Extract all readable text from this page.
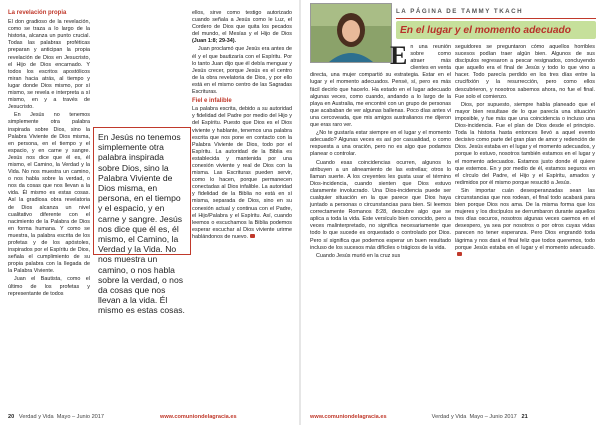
La revelación propia

El don gradioso de la revelación, como se traza a lo largo de la historia, alcanza un punto crucial. Todas las palabras proféticas preparan y anticipan la propia revelación de Dios en Jesucristo, el Hijo de Dios encarnado. Y todos los escritos apostólicos miran hacia atrás, al tiempo y lugar donde Dios mismo, por sí mismo, se revela e interpreta a sí mismo, en y a través de Jesucristo.

En Jesús no tenemos simplemente otra palabra inspirada sobre Dios, sino la Palabra Viviente de Dios misma, en persona, en el tiempo y el espacio, y en carne y sangre. Jesús nos dice que él es, él mismo, el Camino, la Verdad y la Vida. No nos muestra un camino, o nos habla sobre la verdad, o nos da cosas que nos llevan a la vida. Él mismo es estas cosas. Así la gradiosa obra revelatoria de Dios alcanza un nivel cualitativo diferente con el nacimiento de la Palabra de Dios en forma humana. Y como se muestra, la palabra escrita de los profetas y de los apóstoles, inspirados por el Espíritu de Dios, señala el cumplimiento de su propia palabra con la llegada de la Palabra Viviente.

Juan el Bautista, como el último de los profetas y representante de todos

ellos, sirve como testigo autorizado cuando señala a Jesús como le Luz, el Cordero de Dios que quita los pecados del mundo, el Mesías y el Hijo de Dios (Juan 1:8; 29-34).

Juan proclamó que Jesús era antes de él y el que bautizaría con el Espíritu. Por lo tanto Juan dijo que él debía menguar y Jesús crecer, porque Jesús es el centro de la obra revelatoria de Dios, y por ello está en el mismo centro de las Sagradas Escrituras.

Fiel e infalible

La palabra escrita, debido a su autoridad y fidelidad del Padre por medio del Hijo y del Espíritu. Puesto que Dios es el Dios viviente y hablante, tenemos una palabra escrita que nos pone en contacto con la Palabra Viviente de Dios, todo por el Espíritu. La autoridad de la Biblia es establecida y mantenida por una conexión viviente y real de Dios con la misma. Las Escrituras pueden servir, como lo hacen, porque permanecen conectadas al Dios infalible. La autoridad y fidelidad de la Biblia no está en sí misma, separada de Dios, sino en su conexión actual y continua con el Padre, el Hijo/Palabra y el Espíritu. Así, cuando leemos o escuchamos la Biblia podemos esperar escuchar al Dios viviente urirme hablándonos de nuevo.

En Jesús no tenemos simplemente otra palabra inspirada sobre Dios, sino la Palabra Viviente de Dios misma, en persona, en el tiempo y el espacio, y en carne y sangre. Jesús nos dice que él es, él mismo, el Camino, la Verdad y la Vida. No nos muestra un camino, o nos habla sobre la verdad, o nos da cosas que nos llevan a la vida. Él mismo es estas cosas.
20 Verdad y Vida Mayo – Junio 2017	www.comuniondelagracia.es
LA PÁGINA DE TAMMY TKACH
En el lugar y el momento adecuado

En una reunión sobre como atraer más clientes en venta directa, una mujer compartió su estrategia. Estar en el lugar y el momento adecuados. Pensé, sí, pero es más fácil decirlo que hacerlo. Ha estado en el lugar adecuado algunas veces, como cuando, andando a lo largo de la playa en Australia, me encontré con un grupo de personas que acababan de ver algunas ballenas. Poco días antes vi una cercoveada, que mis amigos australianos me dijeron que eras raro ver.

¿No te gustaría estar siempre en el lugar y el momento adecuado? Algunas veces es así por casualidad, o como respuesta a una oración, pero no es algo que podamos planear o controlar.

Cuando esas coincidencias ocurren, algunos lo atribuyen a un alineamiento de las estrellas; otros lo llaman suerte. A los creyentes les gusta usar el término Dios-incidencia, cuando sienten que Dios estuvo claramente involucrado. Una Dios-incidencia puede ser cualquier situación en la que parece que Dios haya juntado a personas o circunstancias para bien. Si leemos correctamente Romanos 8:28, descubre algo que se aplica a toda la vida. Este versículo bien conocido, pero a veces malinterpretado, no significa necesariamente que todo lo que sucede es orquestado o controlado por Dios. Pero sí significa que podemos esperar un buen resultado incluso de los sucesos más difíciles o trágicos de la vida.

Cuando Jesús murió en la cruz sus

seguidores se preguntaron cómo aquellos horribles sucesos podían traer algún bien. Algunos de sus discípulos regresaron a pescar resignados, concluyendo que aquello era el final de Jesús y todo lo que vino a hacer. Todo parecía perdido en los tres días entre la crucifixión y la resurrección, pero como ellos descubrieron, y nosotros sabemos ahora, no fue el final. Fue solo el comienzo.

Dios, por supuesto, siempre había planeado que el mayor bien resultase de lo que parecía una situación imposible, y fue más que una coincidencia o incluso una Dios-incidencia. Fue el plan de Dios desde el principio. Toda la historia hasta entonces llevó a aquel evento decisivo como parte del gran plan de amor y redención de Dios. Jesús estaba en el lugar y el momento adecuados, y porque lo estuvo, nosotros también estamos en el lugar y el momento adecuados. Estamos justo donde él quiere que estemos. En y por medio de él, estamos seguros en el círculo del Padre, el Hijo y el Espíritu, amados y redimidos por él mismo porque resucitó a Jesús.

Sin importar cuán desesperanzadas sean las circunstancias que nos rodean, el final todo acabará para bien porque Dios nos ama. De la misma forma que los mujeres y los discípulos se derrumbaron durante aquellos tres días oscuros, nosotros algunas veces caemos en el desespero, ya sea por nosotros o por otros cuyas vidas parecen no tener esperanza. Pero Dios engrandó toda lágrima y nos dará el final feliz que todos queremos, todo porque Jesús estaba en el lugar y el momento adecuado.

www.comuniondelagracia.es	Verdad y Vida Mayo – Junio 2017 21
